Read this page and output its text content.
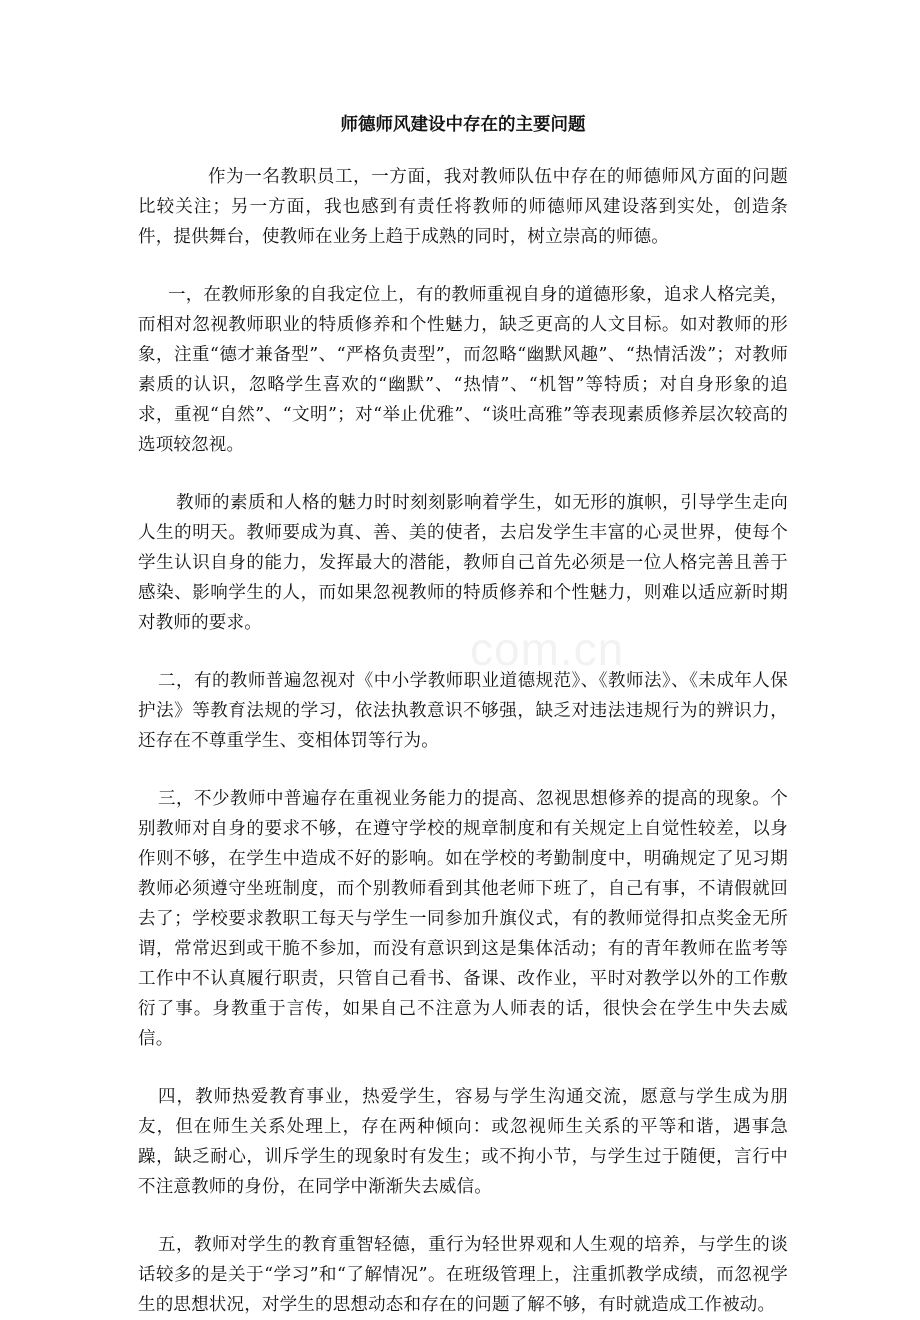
师德师风建设中存在的主要问题

作为一名教职员工，一方面，我对教师队伍中存在的师德师风方面的问题比较关注；另一方面，我也感到有责任将教师的师德师风建设落到实处，创造条件，提供舞台，使教师在业务上趋于成熟的同时，树立崇高的师德。

一，在教师形象的自我定位上，有的教师重视自身的道德形象，追求人格完美，而相对忽视教师职业的特质修养和个性魅力，缺乏更高的人文目标。如对教师的形象，注重“德才兼备型”、“严格负责型”，而忽略“幽默风趣”、“热情活泼”；对教师素质的认识，忽略学生喜欢的“幽默”、“热情”、“机智”等特质；对自身形象的追求，重视“自然”、“文明”；对“举止优雅”、“谈吐高雅”等表现素质修养层次较高的选项较忽视。

教师的素质和人格的魅力时时刻刻影响着学生，如无形的旗帜，引导学生走向人生的明天。教师要成为真、善、美的使者，去启发学生丰富的心灵世界，使每个学生认识自身的能力，发挥最大的潜能，教师自己首先必须是一位人格完善且善于感染、影响学生的人，而如果忽视教师的特质修养和个性魅力，则难以适应新时期对教师的要求。

二，有的教师普遍忽视对《中小学教师职业道德规范》、《教师法》、《未成年人保护法》等教育法规的学习，依法执教意识不够强，缺乏对违法违规行为的辨识力，还存在不尊重学生、变相体罚等行为。

三，不少教师中普遍存在重视业务能力的提高、忽视思想修养的提高的现象。个别教师对自身的要求不够，在遵守学校的规章制度和有关规定上自觉性较差，以身作则不够，在学生中造成不好的影响。如在学校的考勤制度中，明确规定了见习期教师必须遵守坐班制度，而个别教师看到其他老师下班了，自己有事，不请假就回去了；学校要求教职工每天与学生一同参加升旗仪式，有的教师觉得扣点奖金无所谓，常常迟到或干脆不参加，而没有意识到这是集体活动；有的青年教师在监考等工作中不认真履行职责，只管自己看书、备课、改作业，平时对教学以外的工作敷衍了事。身教重于言传，如果自己不注意为人师表的话，很快会在学生中失去威信。

四，教师热爱教育事业，热爱学生，容易与学生沟通交流，愿意与学生成为朋友，但在师生关系处理上，存在两种倾向：或忽视师生关系的平等和谐，遇事急躁，缺乏耐心，训斥学生的现象时有发生；或不拘小节，与学生过于随便，言行中不注意教师的身份，在同学中渐渐失去威信。

五，教师对学生的教育重智轻德，重行为轻世界观和人生观的培养，与学生的谈话较多的是关于“学习”和“了解情况”。在班级管理上，注重抓教学成绩，而忽视学生的思想状况，对学生的思想动态和存在的问题了解不够，有时就造成工作被动。

com.cn
